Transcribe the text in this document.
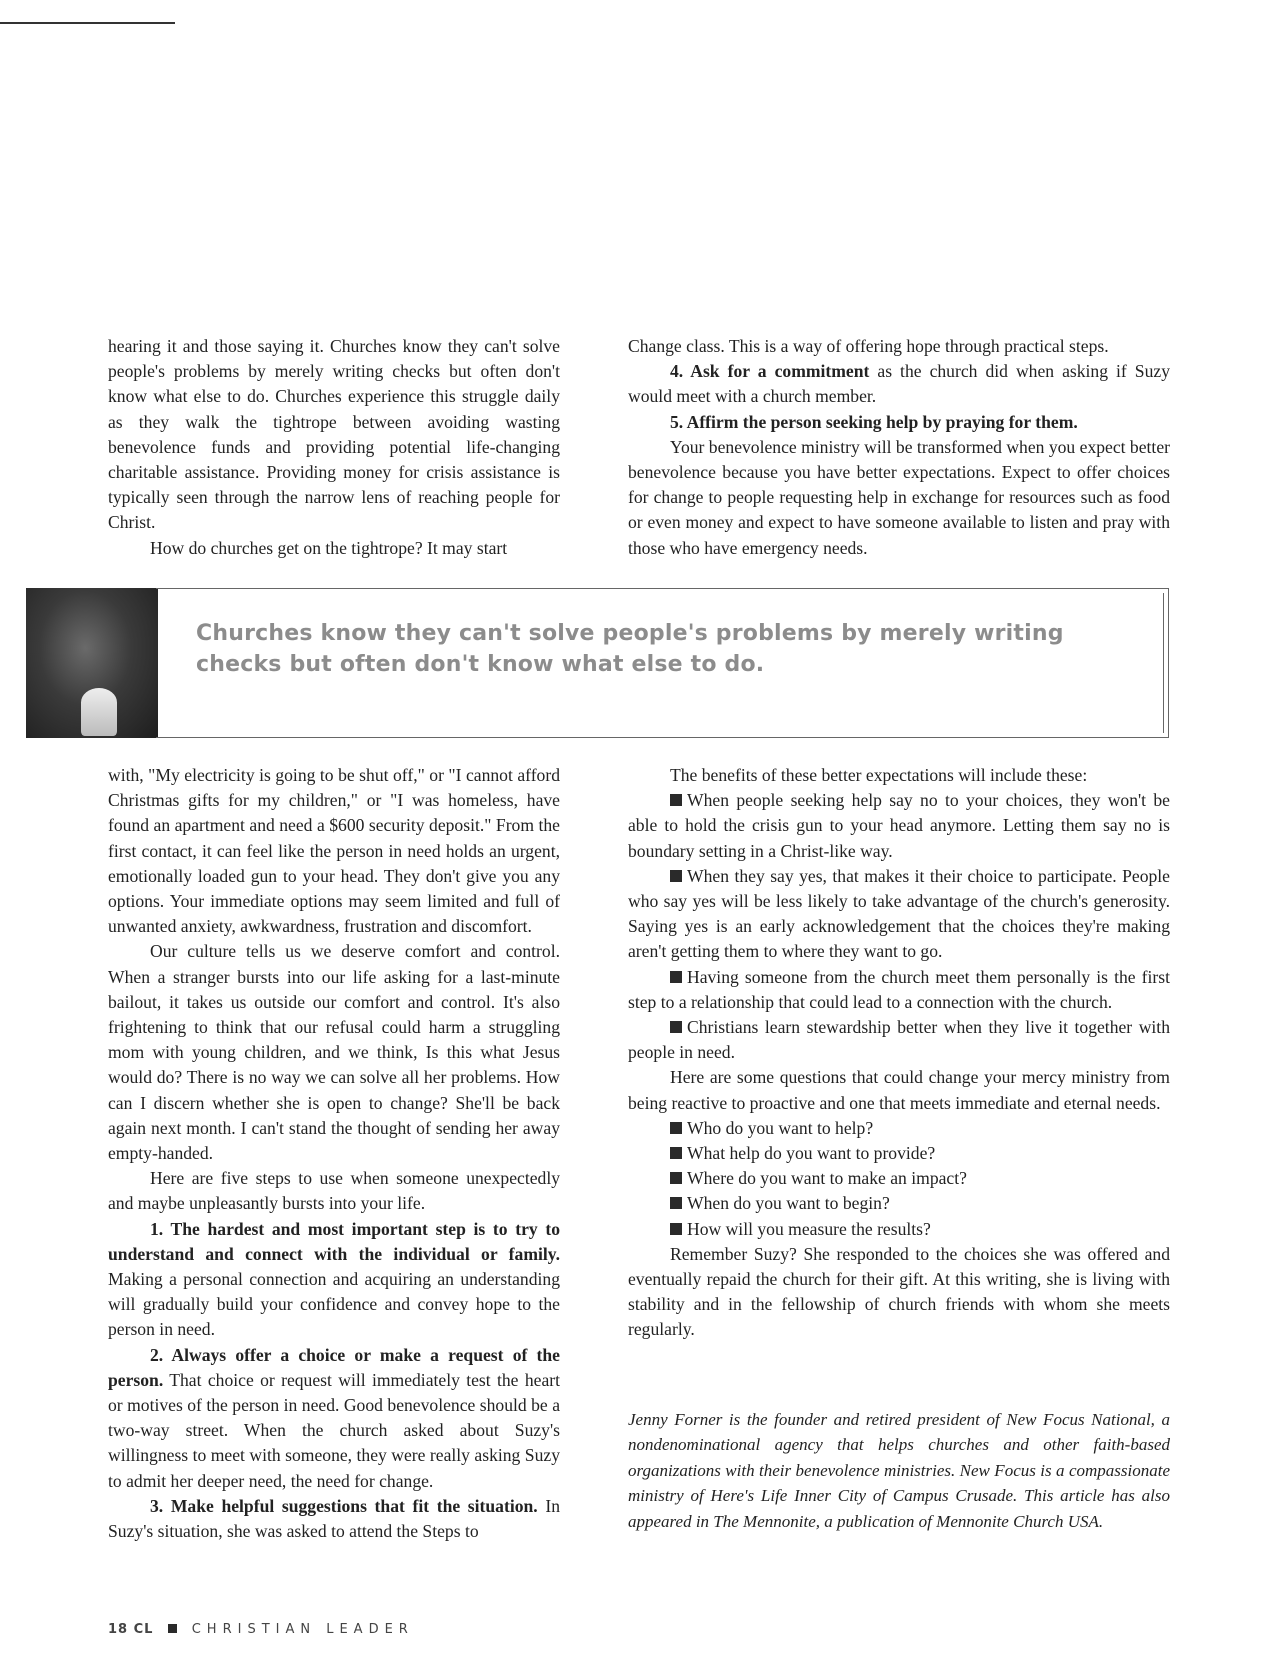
hearing it and those saying it. Churches know they can't solve people's problems by merely writing checks but often don't know what else to do. Churches experience this struggle daily as they walk the tightrope between avoiding wasting benevolence funds and providing potential life-changing charitable assistance. Providing money for crisis assistance is typically seen through the narrow lens of reaching people for Christ.

How do churches get on the tightrope? It may start

Change class. This is a way of offering hope through practical steps.

4. Ask for a commitment as the church did when asking if Suzy would meet with a church member.

5. Affirm the person seeking help by praying for them.

Your benevolence ministry will be transformed when you expect better benevolence because you have better expectations. Expect to offer choices for change to people requesting help in exchange for resources such as food or even money and expect to have someone available to listen and pray with those who have emergency needs.

Churches know they can't solve people's problems by merely writing checks but often don't know what else to do.

with, "My electricity is going to be shut off," or "I cannot afford Christmas gifts for my children," or "I was homeless, have found an apartment and need a $600 security deposit." From the first contact, it can feel like the person in need holds an urgent, emotionally loaded gun to your head. They don't give you any options. Your immediate options may seem limited and full of unwanted anxiety, awkwardness, frustration and discomfort.

Our culture tells us we deserve comfort and control. When a stranger bursts into our life asking for a last-minute bailout, it takes us outside our comfort and control. It's also frightening to think that our refusal could harm a struggling mom with young children, and we think, Is this what Jesus would do? There is no way we can solve all her problems. How can I discern whether she is open to change? She'll be back again next month. I can't stand the thought of sending her away empty-handed.

Here are five steps to use when someone unexpectedly and maybe unpleasantly bursts into your life.

1. The hardest and most important step is to try to understand and connect with the individual or family. Making a personal connection and acquiring an understanding will gradually build your confidence and convey hope to the person in need.

2. Always offer a choice or make a request of the person. That choice or request will immediately test the heart or motives of the person in need. Good benevolence should be a two-way street. When the church asked about Suzy's willingness to meet with someone, they were really asking Suzy to admit her deeper need, the need for change.

3. Make helpful suggestions that fit the situation. In Suzy's situation, she was asked to attend the Steps to

The benefits of these better expectations will include these:

When people seeking help say no to your choices, they won't be able to hold the crisis gun to your head anymore. Letting them say no is boundary setting in a Christ-like way.

When they say yes, that makes it their choice to participate. People who say yes will be less likely to take advantage of the church's generosity. Saying yes is an early acknowledgement that the choices they're making aren't getting them to where they want to go.

Having someone from the church meet them personally is the first step to a relationship that could lead to a connection with the church.

Christians learn stewardship better when they live it together with people in need.

Here are some questions that could change your mercy ministry from being reactive to proactive and one that meets immediate and eternal needs.

Who do you want to help?

What help do you want to provide?

Where do you want to make an impact?

When do you want to begin?

How will you measure the results?

Remember Suzy? She responded to the choices she was offered and eventually repaid the church for their gift. At this writing, she is living with stability and in the fellowship of church friends with whom she meets regularly.

Jenny Forner is the founder and retired president of New Focus National, a nondenominational agency that helps churches and other faith-based organizations with their benevolence ministries. New Focus is a compassionate ministry of Here's Life Inner City of Campus Crusade. This article has also appeared in The Mennonite, a publication of Mennonite Church USA.

18 CL	CHRISTIAN LEADER
